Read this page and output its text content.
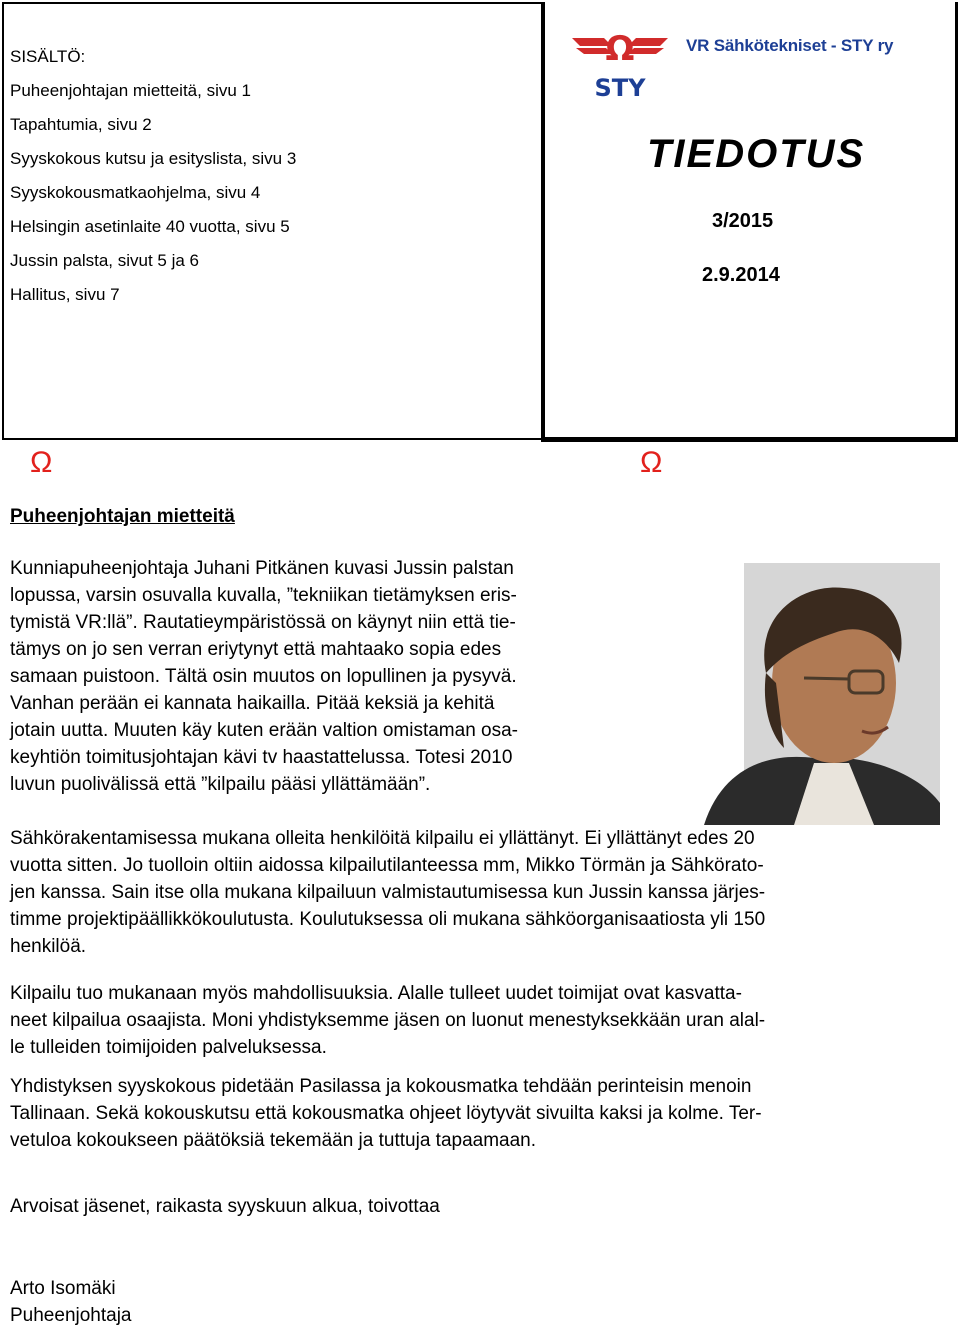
SISÄLTÖ:
Puheenjohtajan mietteitä, sivu 1
Tapahtumia, sivu 2
Syyskokous kutsu ja esityslista, sivu 3
Syyskokousmatkaohjelma, sivu 4
Helsingin asetinlaite 40 vuotta, sivu 5
Jussin palsta, sivut 5 ja 6
Hallitus, sivu 7
Ω
STY
VR Sähkötekniset - STY ry
TIEDOTUS
3/2015
2.9.2014
Ω	Ω
Puheenjohtajan mietteitä
Kunniapuheenjohtaja Juhani Pitkänen kuvasi Jussin palstan
lopussa, varsin osuvalla kuvalla, ”tekniikan tietämyksen eris-
tymistä VR:llä”. Rautatieympäristössä on käynyt niin että tie-
tämys on jo sen verran eriytynyt että mahtaako sopia edes
samaan puistoon. Tältä osin muutos on lopullinen ja pysyvä.
Vanhan perään ei kannata haikailla. Pitää keksiä ja kehitä
jotain uutta. Muuten käy kuten erään valtion omistaman osa-
keyhtiön toimitusjohtajan kävi tv haastattelussa. Totesi 2010
luvun puolivälissä että ”kilpailu pääsi yllättämään”.
Sähkörakentamisessa mukana olleita henkilöitä kilpailu ei yllättänyt. Ei yllättänyt edes 20
vuotta sitten. Jo tuolloin oltiin aidossa kilpailutilanteessa mm, Mikko Törmän ja Sähkörato-
jen kanssa. Sain itse olla mukana kilpailuun valmistautumisessa kun Jussin kanssa järjes-
timme projektipäällikkökoulutusta. Koulutuksessa oli mukana sähköorganisaatiosta yli 150
henkilöä.
Kilpailu tuo mukanaan myös mahdollisuuksia. Alalle tulleet uudet toimijat ovat kasvatta-
neet kilpailua osaajista. Moni yhdistyksemme jäsen on luonut menestyksekkään uran alal-
le tulleiden toimijoiden palveluksessa.
Yhdistyksen syyskokous pidetään Pasilassa ja kokousmatka tehdään perinteisin menoin
Tallinaan. Sekä kokouskutsu että kokousmatka ohjeet löytyvät sivuilta kaksi ja kolme. Ter-
vetuloa kokoukseen päätöksiä tekemään ja tuttuja tapaamaan.
Arvoisat jäsenet, raikasta syyskuun alkua, toivottaa
Arto Isomäki
Puheenjohtaja
